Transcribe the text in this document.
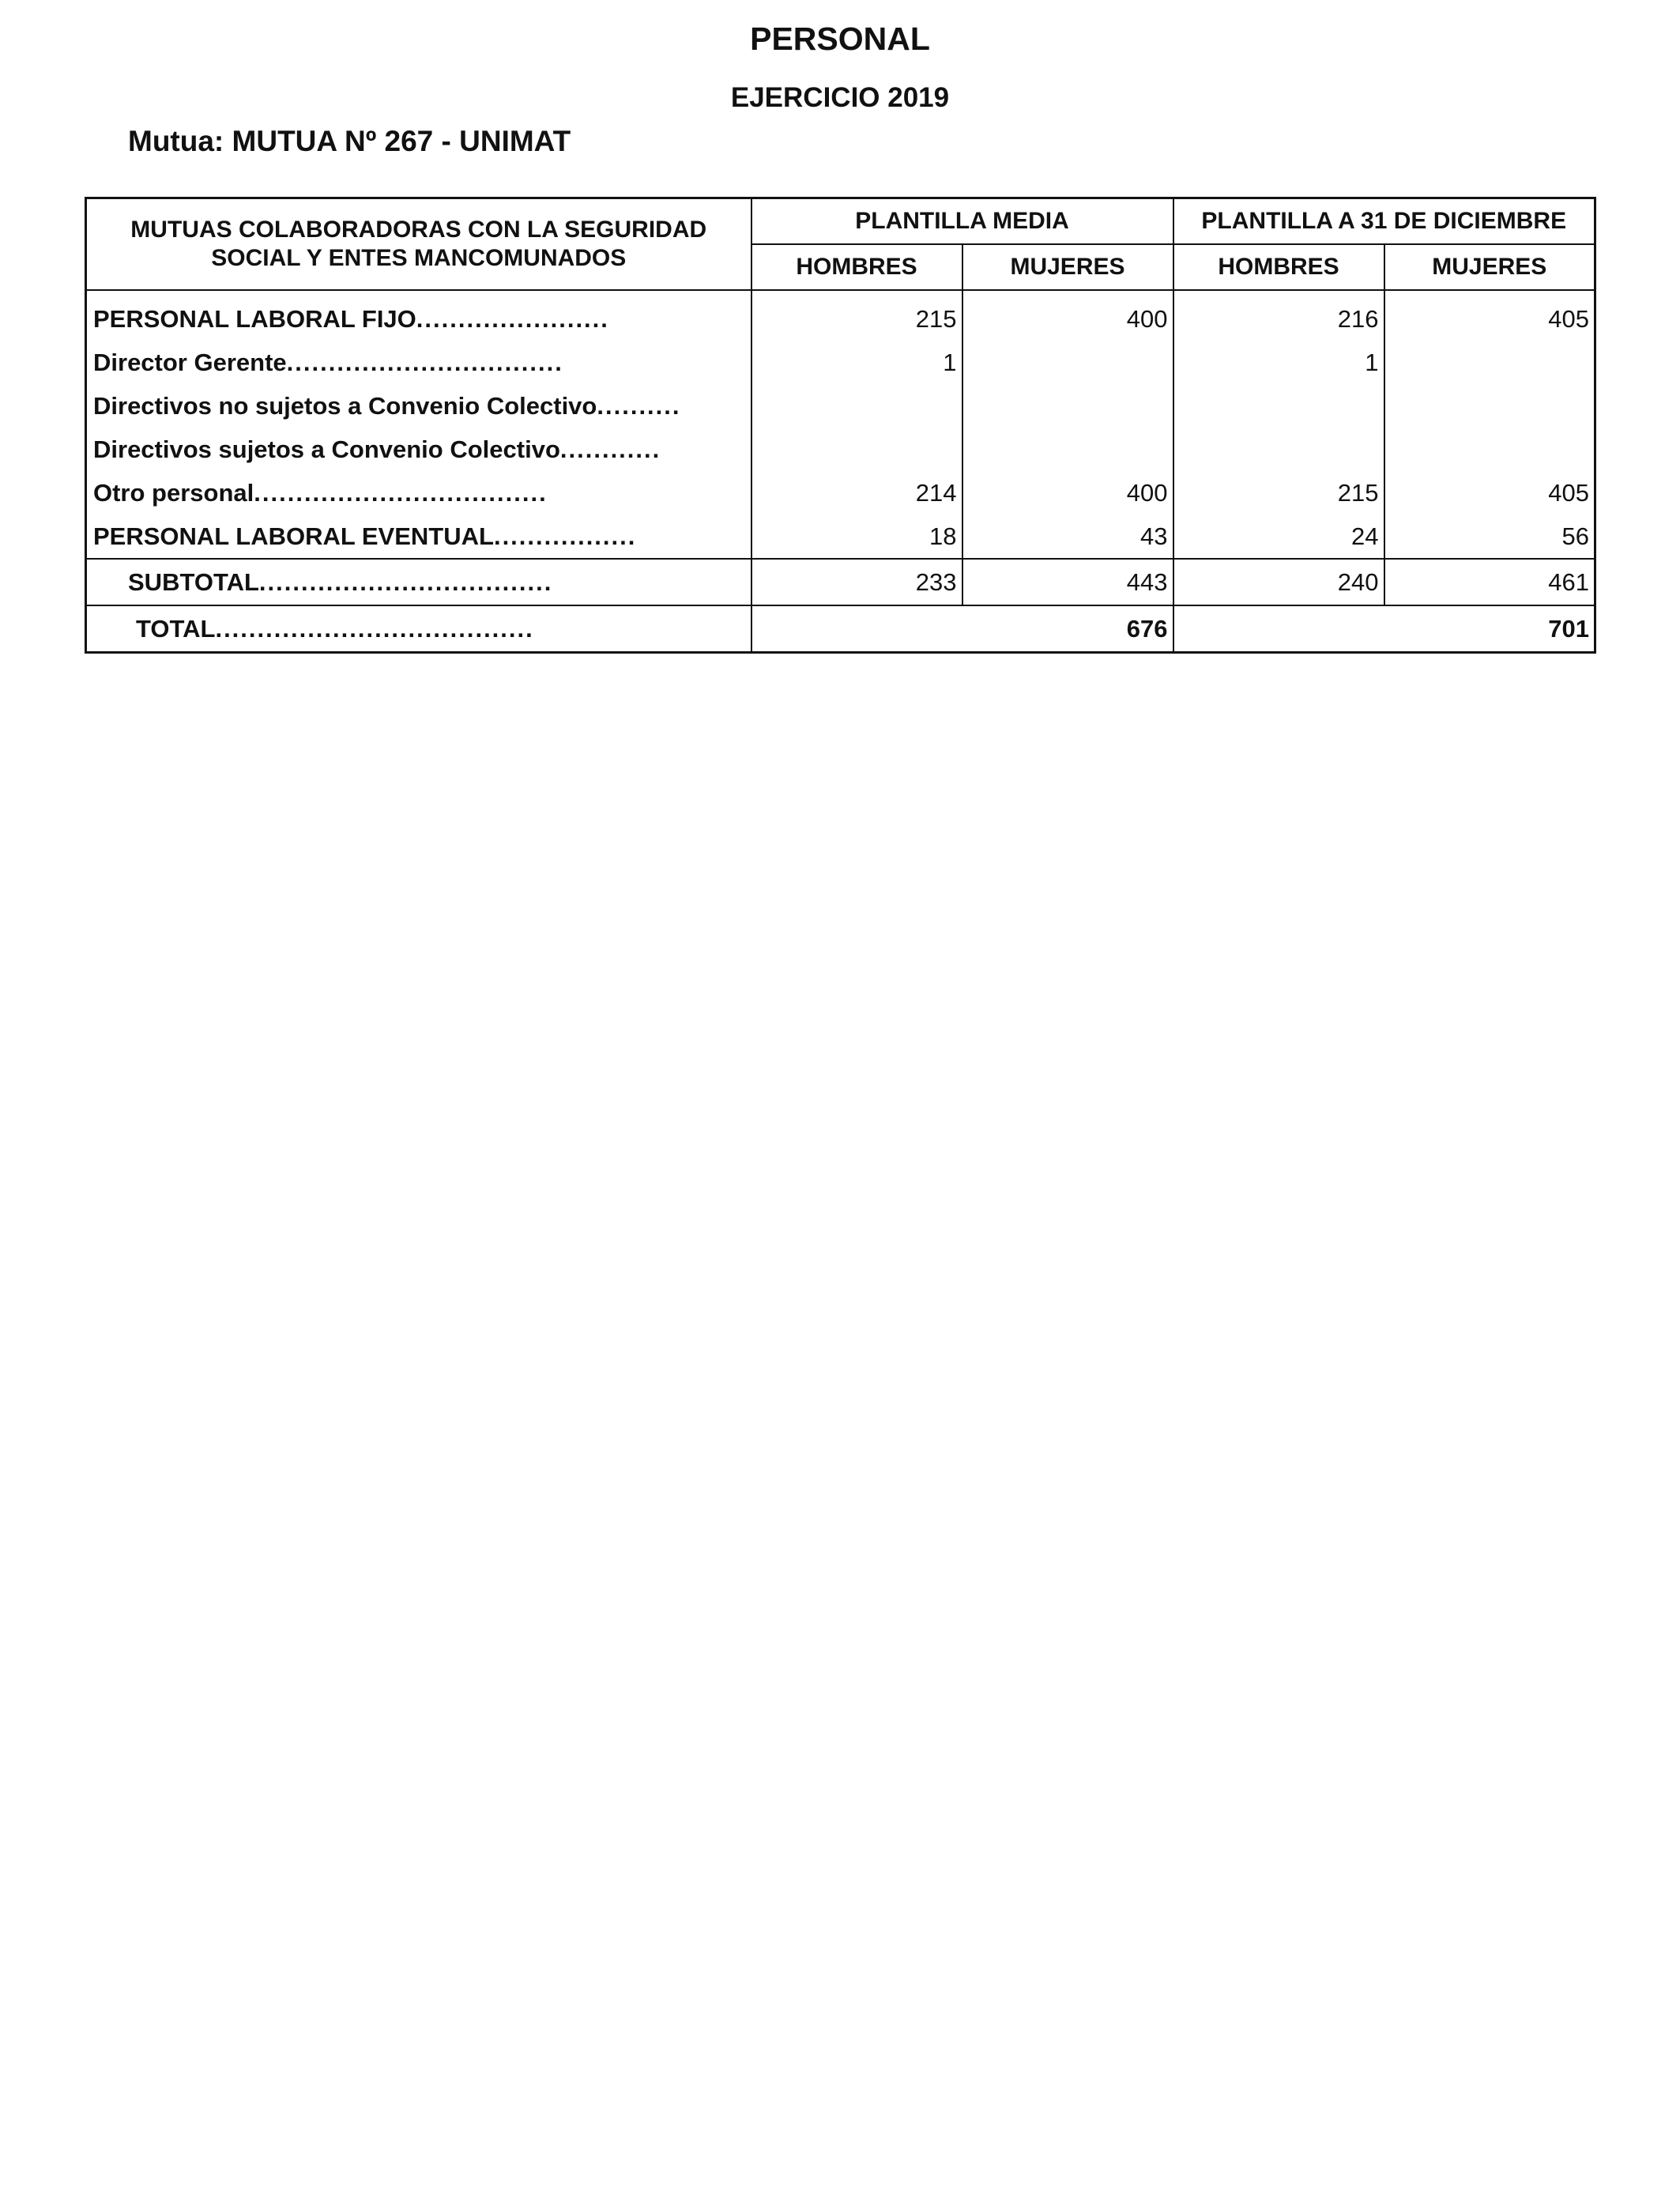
PERSONAL
EJERCICIO 2019
Mutua: MUTUA Nº 267 - UNIMAT
MUTUAS COLABORADORAS CON LA SEGURIDAD SOCIAL Y ENTES MANCOMUNADOS	PLANTILLA MEDIA		PLANTILLA A 31 DE DICIEMBRE	
	HOMBRES	MUJERES	HOMBRES	MUJERES
PERSONAL LABORAL FIJO.......................	215	400	216	405
Director Gerente.................................	1		1	
Directivos no sujetos a Convenio Colectivo..........				
Directivos sujetos a Convenio Colectivo............				
Otro personal...................................	214	400	215	405
PERSONAL LABORAL EVENTUAL.................	18	43	24	56
SUBTOTAL...................................	233	443	240	461
TOTAL......................................	676		701	
